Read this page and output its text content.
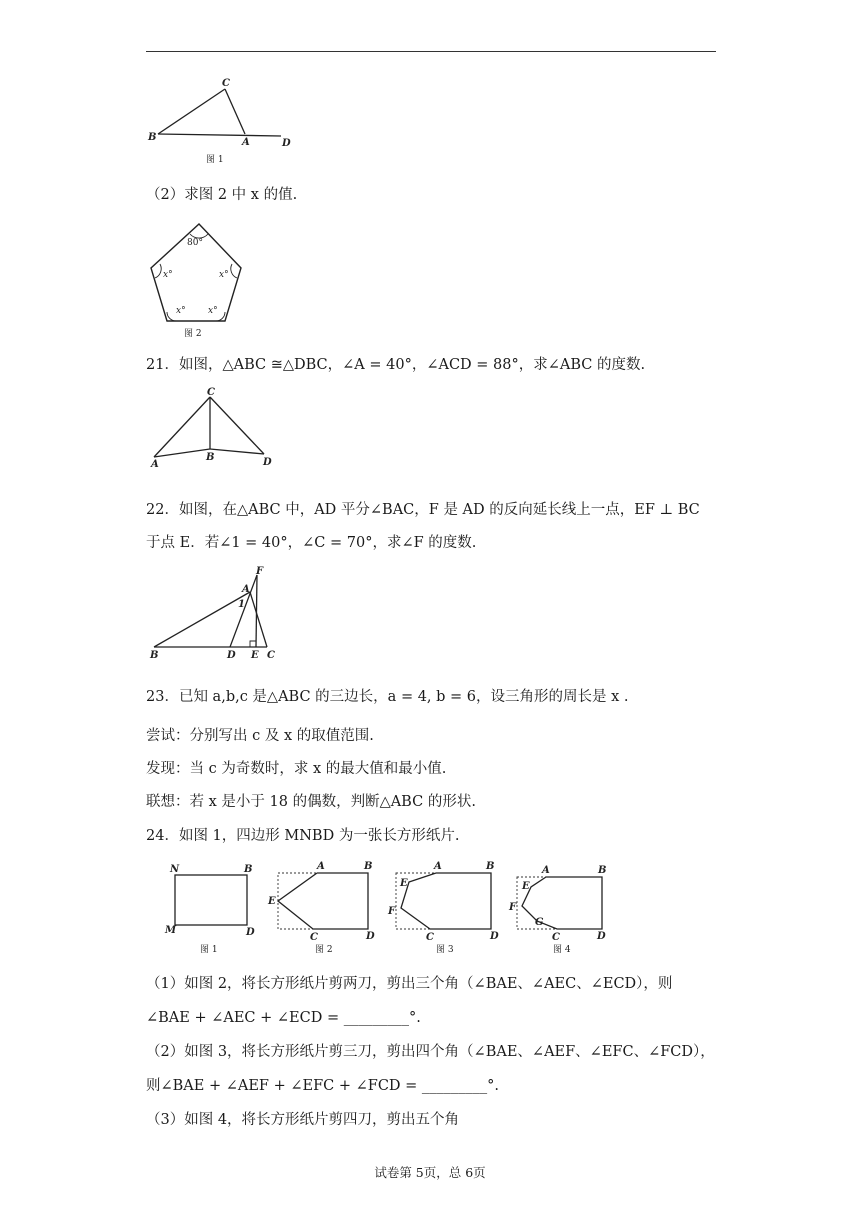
B
C
A	D
图 1
（2）求图 2 中 x 的值.
80°
x°	x°
x° x°
图 2
21．如图，△ABC ≅△DBC，∠A = 40°，∠ACD = 88°，求∠ABC 的度数.
C
A
B	D
22．如图，在△ABC 中，AD 平分∠BAC，F 是 AD 的反向延长线上一点，EF ⊥ BC
于点 E．若∠1 = 40°，∠C = 70°，求∠F 的度数.
F
A
1
B	D E C
23．已知 a,b,c 是△ABC 的三边长，a = 4, b = 6，设三角形的周长是 x .
尝试：分别写出 c 及 x 的取值范围.
发现：当 c 为奇数时，求 x 的最大值和最小值.
联想：若 x 是小于 18 的偶数，判断△ABC 的形状.
24．如图 1，四边形 MNBD 为一张长方形纸片.
N	B
M	D
图 1
A	B
E
C	D
图 2
E
A	B
F
C	D
图 3
E
A	B
F
G
C	D
图 4
（1）如图 2，将长方形纸片剪两刀，剪出三个角（∠BAE、∠AEC、∠ECD），则
∠BAE + ∠AEC + ∠ECD = _________°.
（2）如图 3，将长方形纸片剪三刀，剪出四个角（∠BAE、∠AEF、∠EFC、∠FCD），
则∠BAE + ∠AEF + ∠EFC + ∠FCD = _________°.
（3）如图 4，将长方形纸片剪四刀，剪出五个角
试卷第 5页，总 6页
